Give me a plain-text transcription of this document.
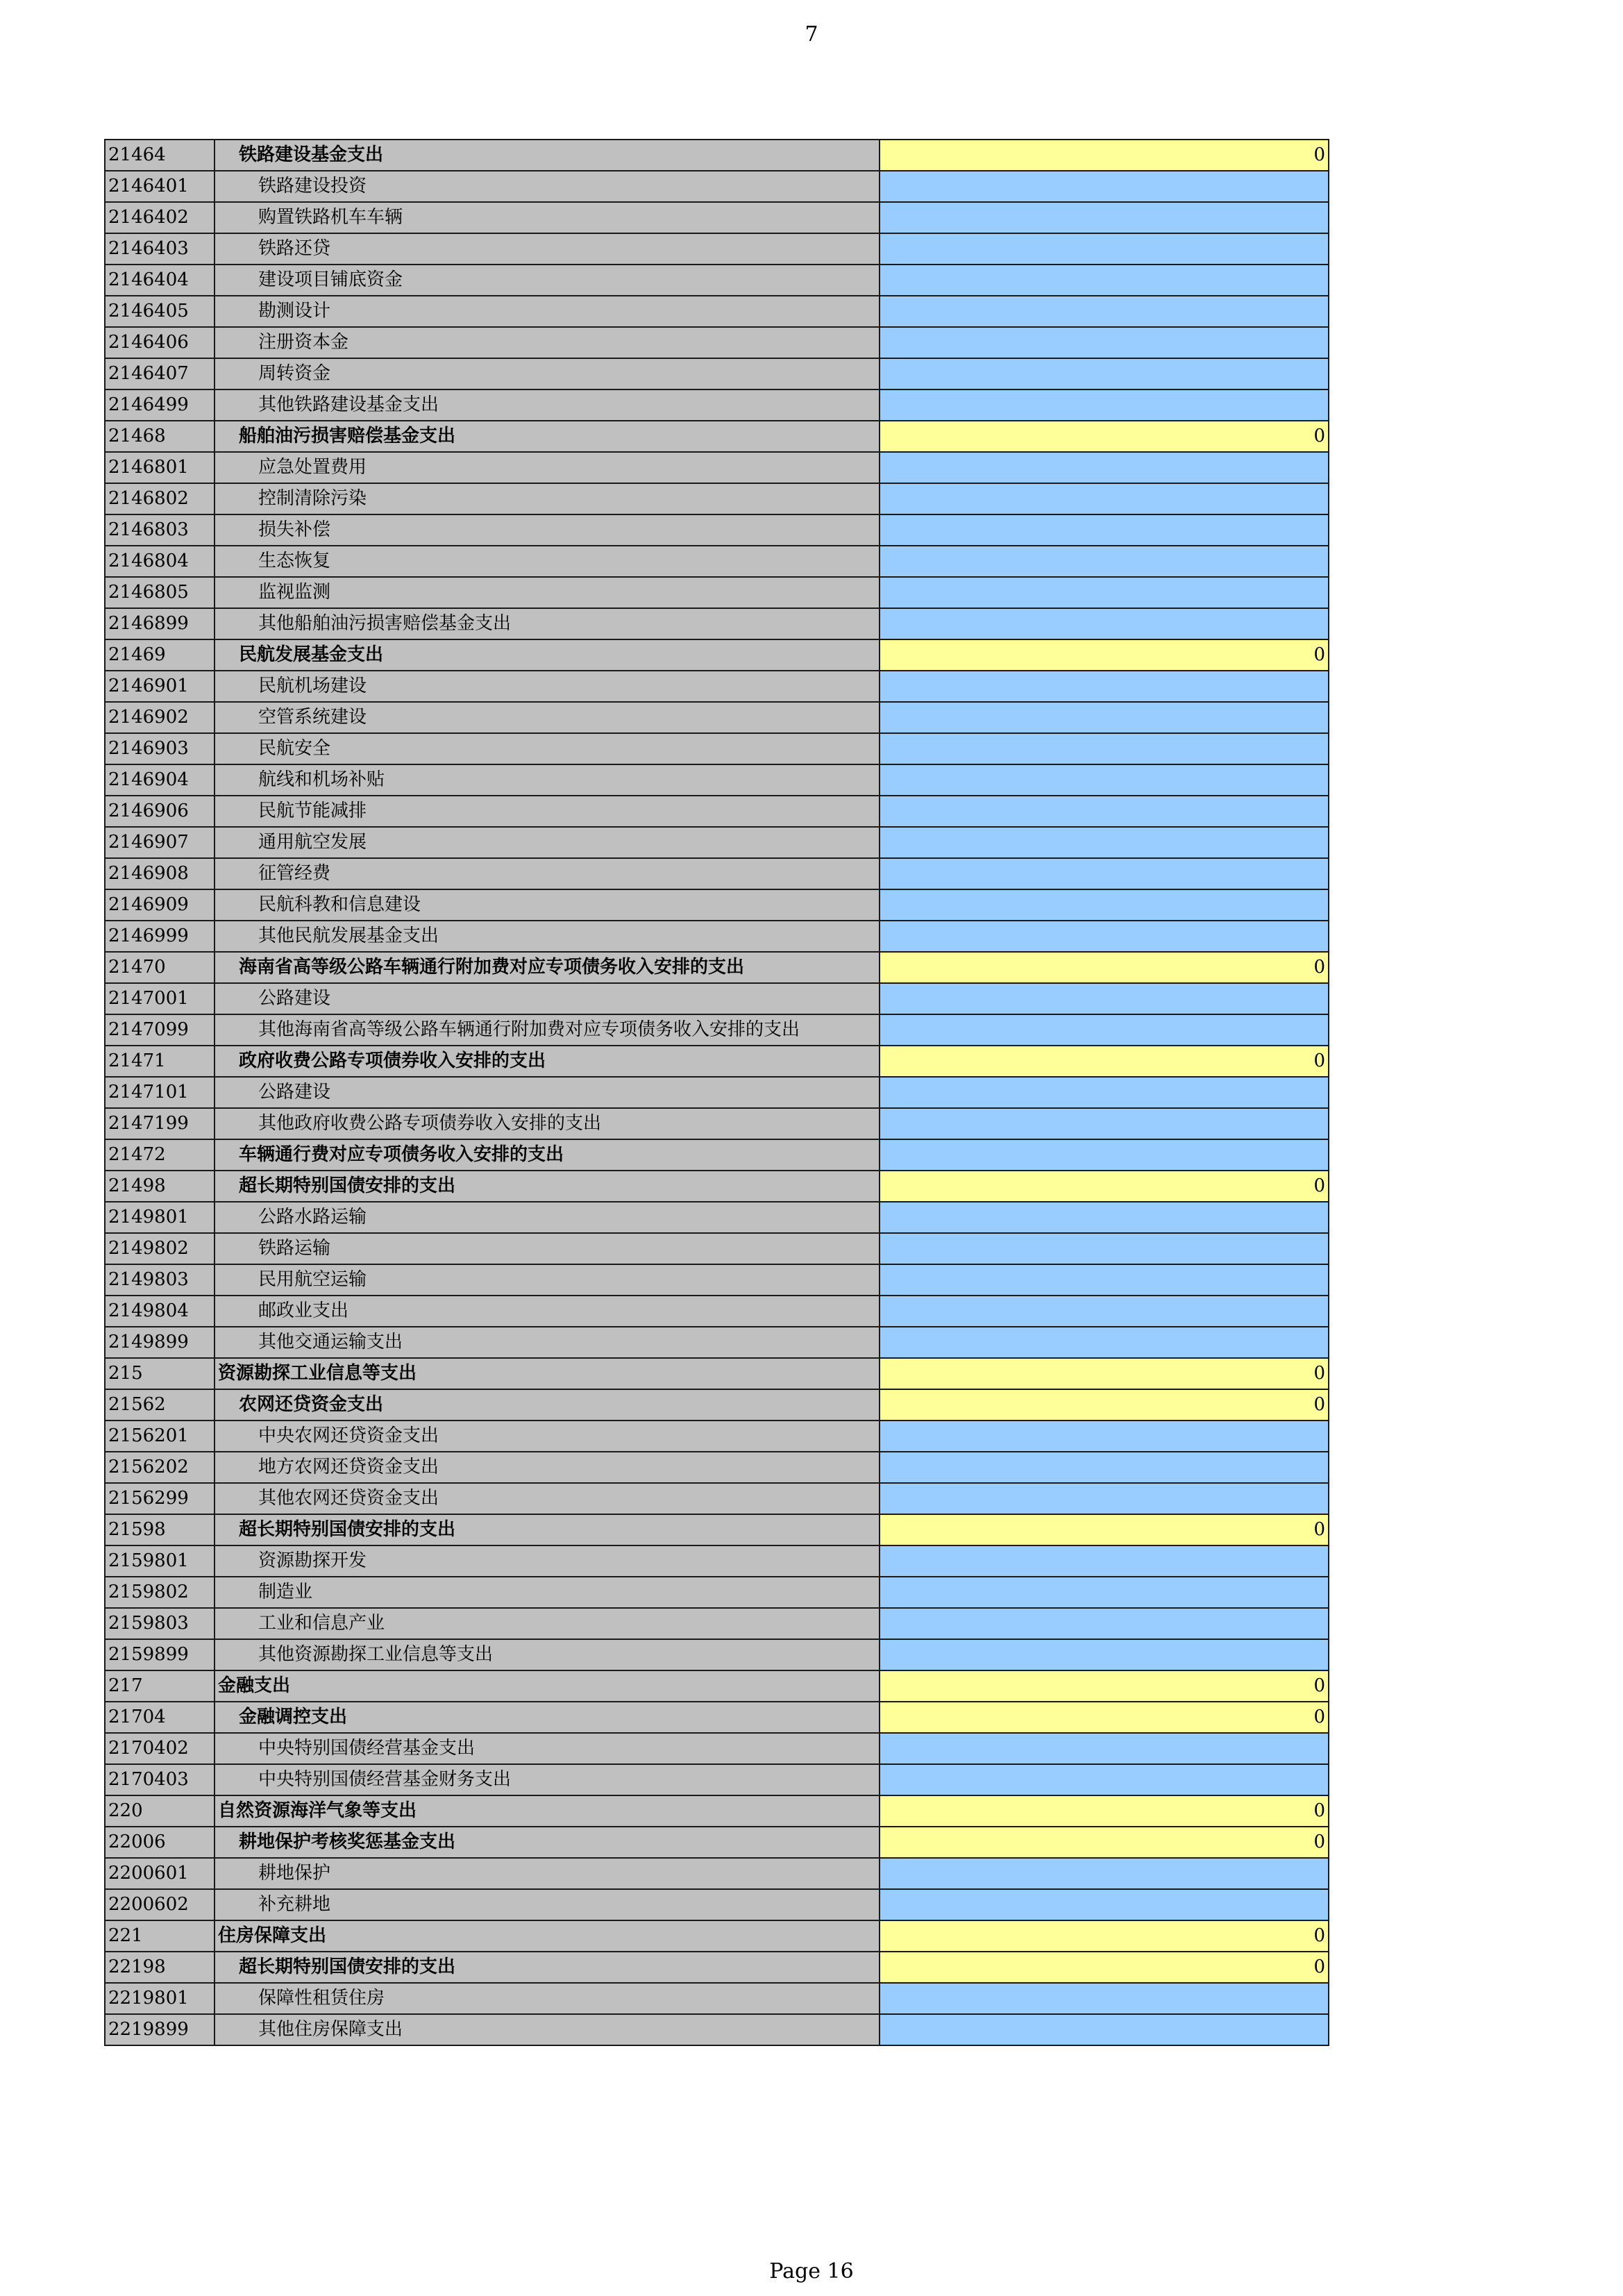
7
21464	铁路建设基金支出	0
2146401	铁路建设投资	
2146402	购置铁路机车车辆	
2146403	铁路还贷	
2146404	建设项目铺底资金	
2146405	勘测设计	
2146406	注册资本金	
2146407	周转资金	
2146499	其他铁路建设基金支出	
21468	船舶油污损害赔偿基金支出	0
2146801	应急处置费用	
2146802	控制清除污染	
2146803	损失补偿	
2146804	生态恢复	
2146805	监视监测	
2146899	其他船舶油污损害赔偿基金支出	
21469	民航发展基金支出	0
2146901	民航机场建设	
2146902	空管系统建设	
2146903	民航安全	
2146904	航线和机场补贴	
2146906	民航节能减排	
2146907	通用航空发展	
2146908	征管经费	
2146909	民航科教和信息建设	
2146999	其他民航发展基金支出	
21470	海南省高等级公路车辆通行附加费对应专项债务收入安排的支出	0
2147001	公路建设	
2147099	其他海南省高等级公路车辆通行附加费对应专项债务收入安排的支出	
21471	政府收费公路专项债券收入安排的支出	0
2147101	公路建设	
2147199	其他政府收费公路专项债券收入安排的支出	
21472	车辆通行费对应专项债务收入安排的支出	
21498	超长期特别国债安排的支出	0
2149801	公路水路运输	
2149802	铁路运输	
2149803	民用航空运输	
2149804	邮政业支出	
2149899	其他交通运输支出	
215	资源勘探工业信息等支出	0
21562	农网还贷资金支出	0
2156201	中央农网还贷资金支出	
2156202	地方农网还贷资金支出	
2156299	其他农网还贷资金支出	
21598	超长期特别国债安排的支出	0
2159801	资源勘探开发	
2159802	制造业	
2159803	工业和信息产业	
2159899	其他资源勘探工业信息等支出	
217	金融支出	0
21704	金融调控支出	0
2170402	中央特别国债经营基金支出	
2170403	中央特别国债经营基金财务支出	
220	自然资源海洋气象等支出	0
22006	耕地保护考核奖惩基金支出	0
2200601	耕地保护	
2200602	补充耕地	
221	住房保障支出	0
22198	超长期特别国债安排的支出	0
2219801	保障性租赁住房	
2219899	其他住房保障支出	
Page 16
